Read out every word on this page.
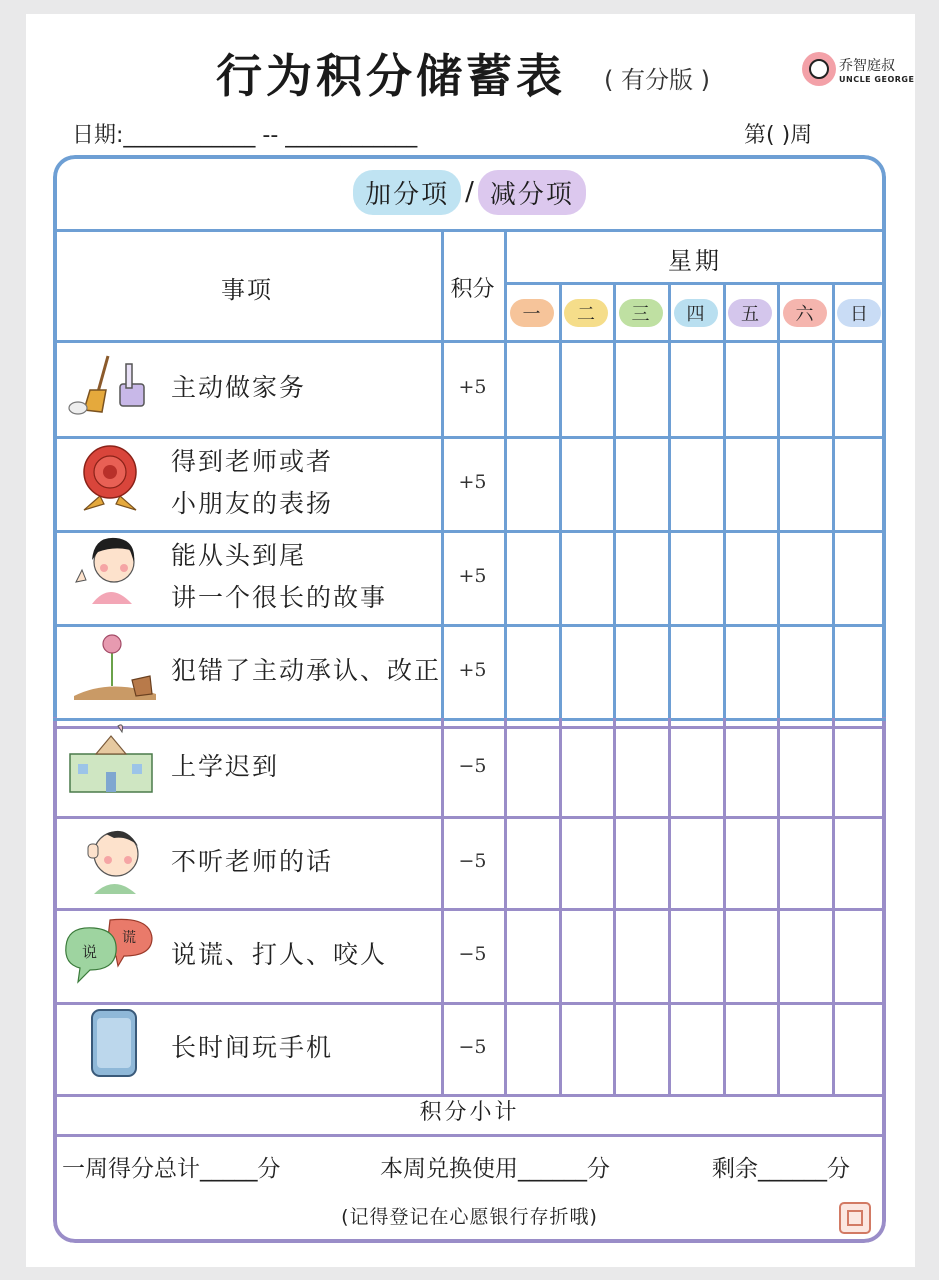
行为积分储蓄表 ( 有分版 )	乔智庭叔
UNCLE GEORGE
日期:____________ -- ____________	第( )周
加分项 / 减分项
事项	积分
星期
一	二	三	四	五	六	日
主动做家务	+5
得到老师或者
小朋友的表扬
+5
能从头到尾
讲一个很长的故事
+5
犯错了主动承认、改正 +5
上学迟到	−5
不听老师的话	−5
说谎、打人、咬人	−5
长时间玩手机	−5
说
谎
积分小计
一周得分总计_____分	本周兑换使用______分	剩余______分
(记得登记在心愿银行存折哦)
